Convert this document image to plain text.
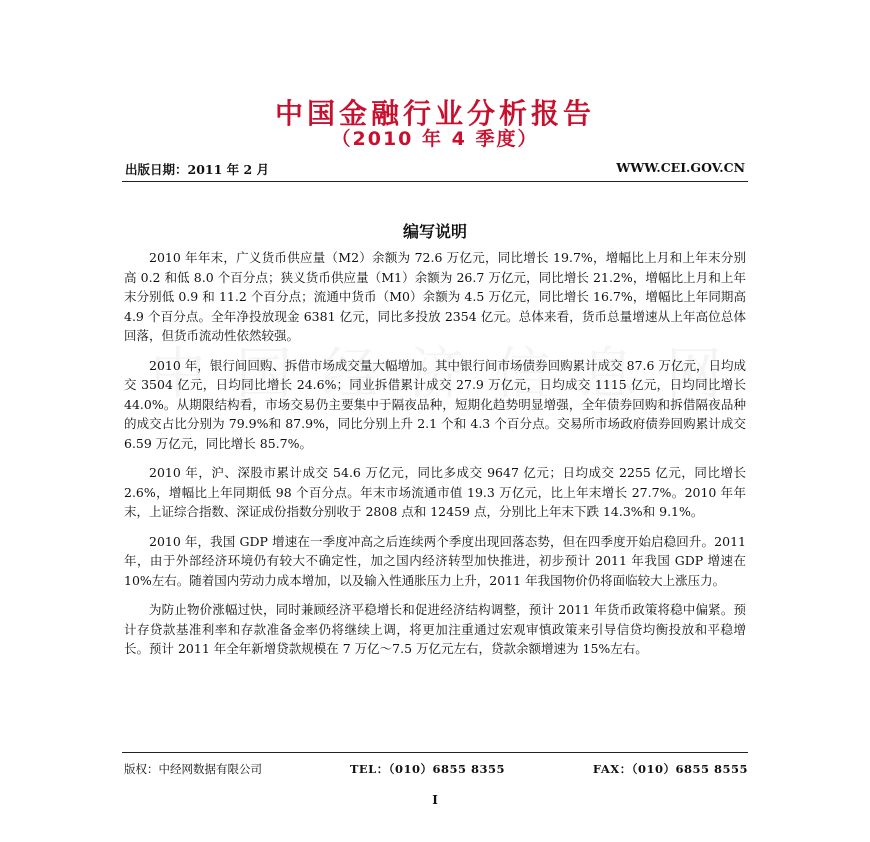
中国金融行业分析报告
（2010 年 4 季度）
出版日期：2011 年 2 月	WWW.CEI.GOV.CN
编写说明

2010 年年末，广义货币供应量（M2）余额为 72.6 万亿元，同比增长 19.7%，增幅比上月和上年末分别高 0.2 和低 8.0 个百分点；狭义货币供应量（M1）余额为 26.7 万亿元，同比增长 21.2%，增幅比上月和上年末分别低 0.9 和 11.2 个百分点；流通中货币（M0）余额为 4.5 万亿元，同比增长 16.7%，增幅比上年同期高 4.9 个百分点。全年净投放现金 6381 亿元，同比多投放 2354 亿元。总体来看，货币总量增速从上年高位总体回落，但货币流动性依然较强。

2010 年，银行间回购、拆借市场成交量大幅增加。其中银行间市场债券回购累计成交 87.6 万亿元，日均成交 3504 亿元，日均同比增长 24.6%；同业拆借累计成交 27.9 万亿元，日均成交 1115 亿元，日均同比增长 44.0%。从期限结构看，市场交易仍主要集中于隔夜品种，短期化趋势明显增强，全年债券回购和拆借隔夜品种的成交占比分别为 79.9%和 87.9%，同比分别上升 2.1 个和 4.3 个百分点。交易所市场政府债券回购累计成交 6.59 万亿元，同比增长 85.7%。

2010 年，沪、深股市累计成交 54.6 万亿元，同比多成交 9647 亿元；日均成交 2255 亿元，同比增长 2.6%，增幅比上年同期低 98 个百分点。年末市场流通市值 19.3 万亿元，比上年末增长 27.7%。2010 年年末，上证综合指数、深证成份指数分别收于 2808 点和 12459 点，分别比上年末下跌 14.3%和 9.1%。

2010 年，我国 GDP 增速在一季度冲高之后连续两个季度出现回落态势，但在四季度开始启稳回升。2011 年，由于外部经济环境仍有较大不确定性，加之国内经济转型加快推进，初步预计 2011 年我国 GDP 增速在 10%左右。随着国内劳动力成本增加，以及输入性通胀压力上升，2011 年我国物价仍将面临较大上涨压力。

为防止物价涨幅过快，同时兼顾经济平稳增长和促进经济结构调整，预计 2011 年货币政策将稳中偏紧。预计存贷款基准利率和存款准备金率仍将继续上调，将更加注重通过宏观审慎政策来引导信贷均衡投放和平稳增长。预计 2011 年全年新增贷款规模在 7 万亿～7.5 万亿元左右，贷款余额增速为 15%左右。

版权：中经网数据有限公司	TEL：（010）6855 8355	FAX：（010）6855 8555
I
